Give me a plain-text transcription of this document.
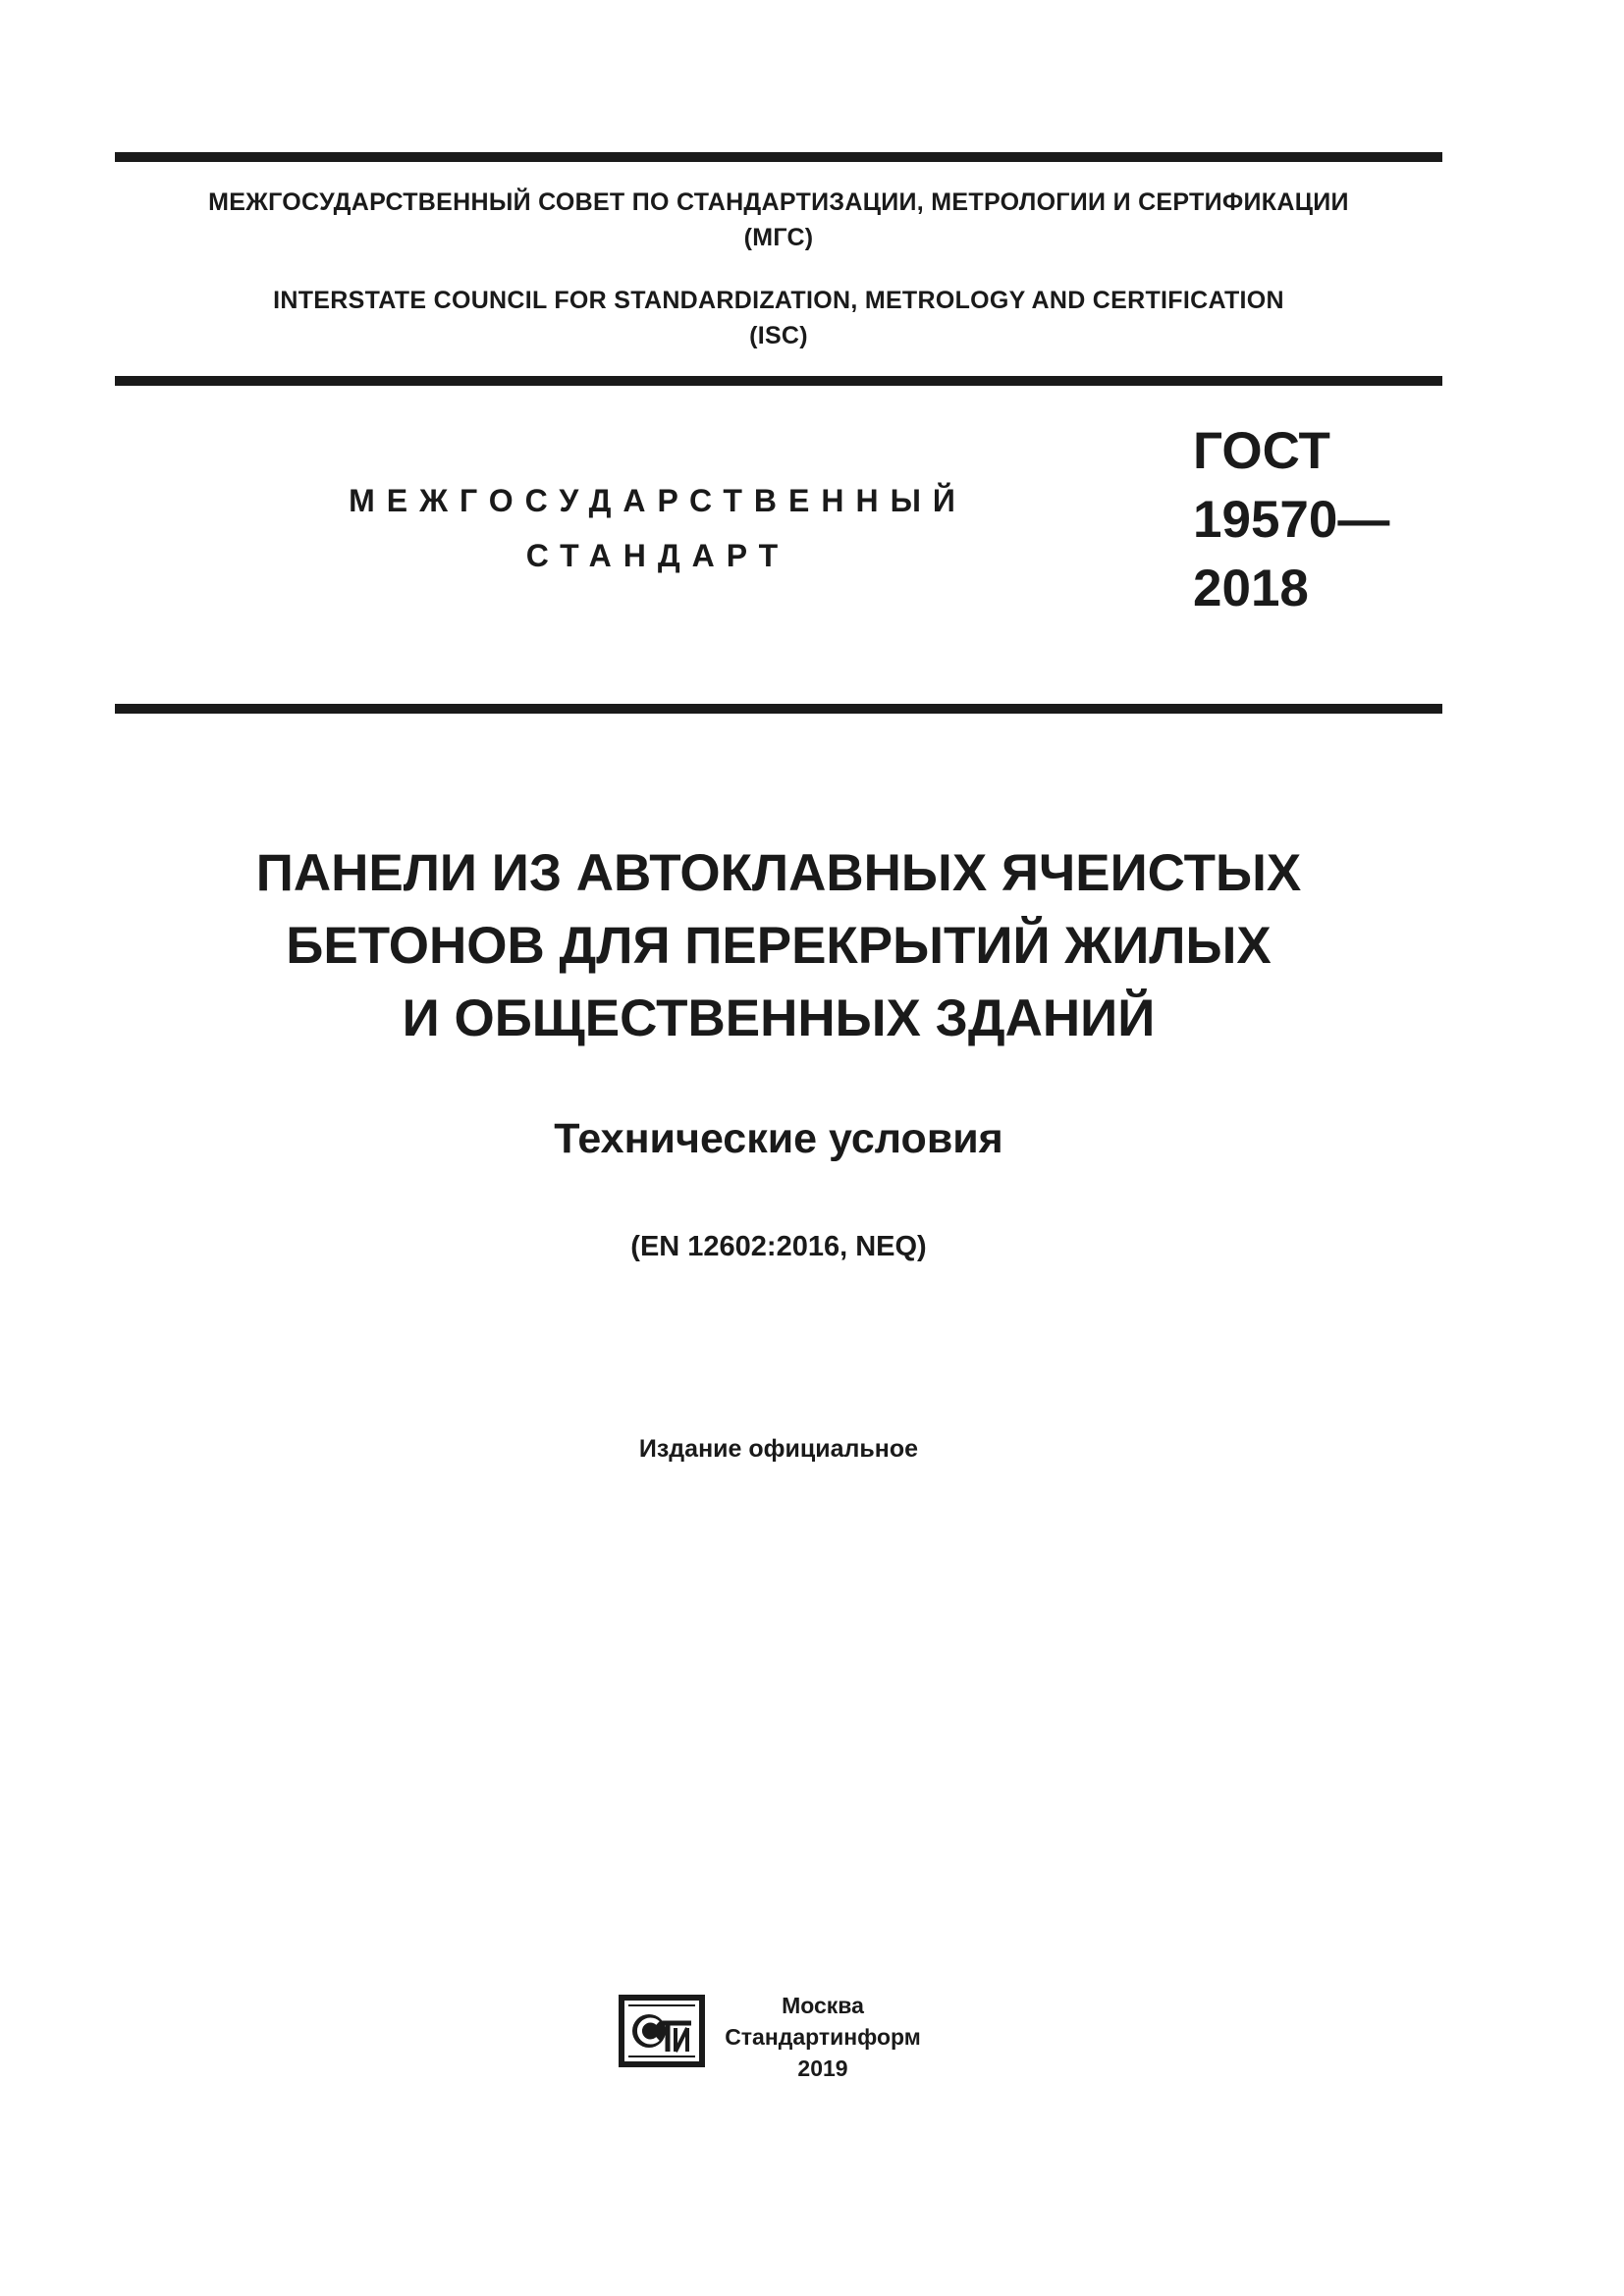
МЕЖГОСУДАРСТВЕННЫЙ СОВЕТ ПО СТАНДАРТИЗАЦИИ, МЕТРОЛОГИИ И СЕРТИФИКАЦИИ
(МГС)
INTERSTATE COUNCIL FOR STANDARDIZATION, METROLOGY AND CERTIFICATION
(ISC)
МЕЖГОСУДАРСТВЕННЫЙ
СТАНДАРТ
ГОСТ
19570—
2018
ПАНЕЛИ ИЗ АВТОКЛАВНЫХ ЯЧЕИСТЫХ
БЕТОНОВ ДЛЯ ПЕРЕКРЫТИЙ ЖИЛЫХ
И ОБЩЕСТВЕННЫХ ЗДАНИЙ
Технические условия
(EN 12602:2016, NEQ)
Издание официальное
Москва
Стандартинформ
2019
